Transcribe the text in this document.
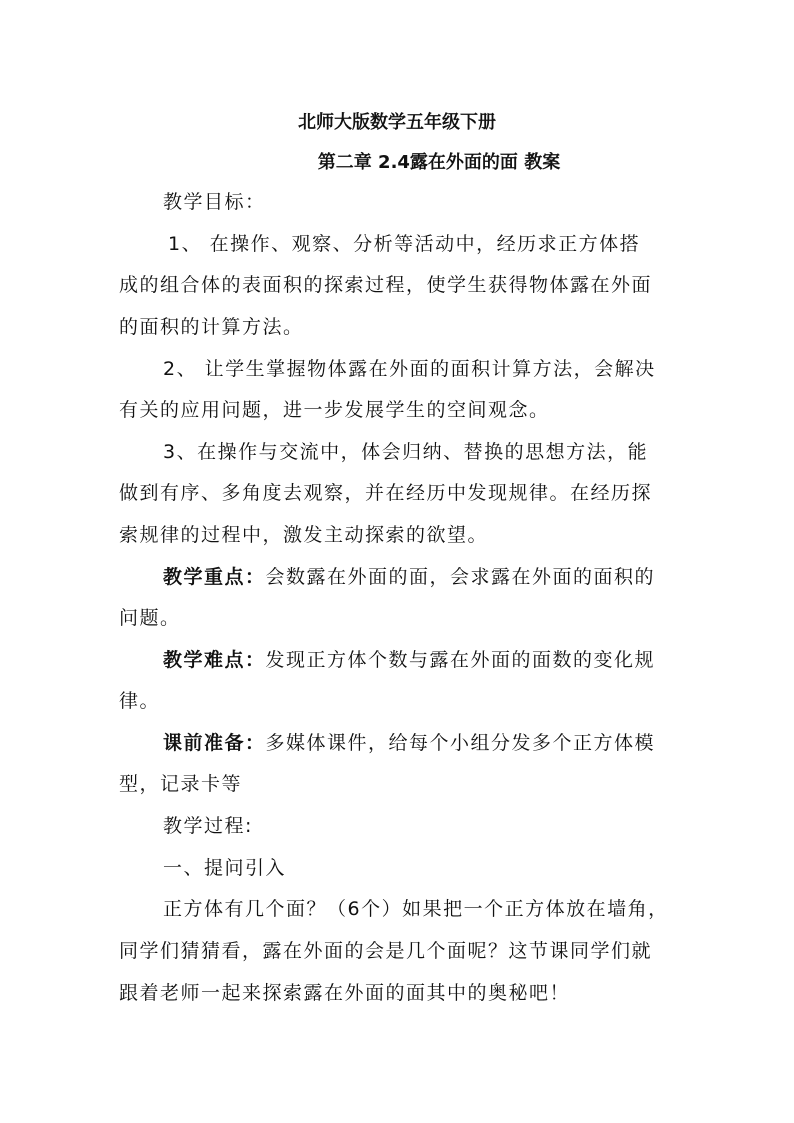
北师大版数学五年级下册
第二章 2.4露在外面的面 教案
教学目标：
1、 在操作、观察、分析等活动中，经历求正方体搭
成的组合体的表面积的探索过程，使学生获得物体露在外面
的面积的计算方法。
2、 让学生掌握物体露在外面的面积计算方法，会解决
有关的应用问题，进一步发展学生的空间观念。
3、在操作与交流中，体会归纳、替换的思想方法，能
做到有序、多角度去观察，并在经历中发现规律。在经历探
索规律的过程中，激发主动探索的欲望。
教学重点：会数露在外面的面，会求露在外面的面积的
问题。
教学难点：发现正方体个数与露在外面的面数的变化规
律。
课前准备：多媒体课件，给每个小组分发多个正方体模
型，记录卡等
教学过程:
一、提问引入
正方体有几个面？（6个）如果把一个正方体放在墙角，
同学们猜猜看，露在外面的会是几个面呢？这节课同学们就
跟着老师一起来探索露在外面的面其中的奥秘吧！
